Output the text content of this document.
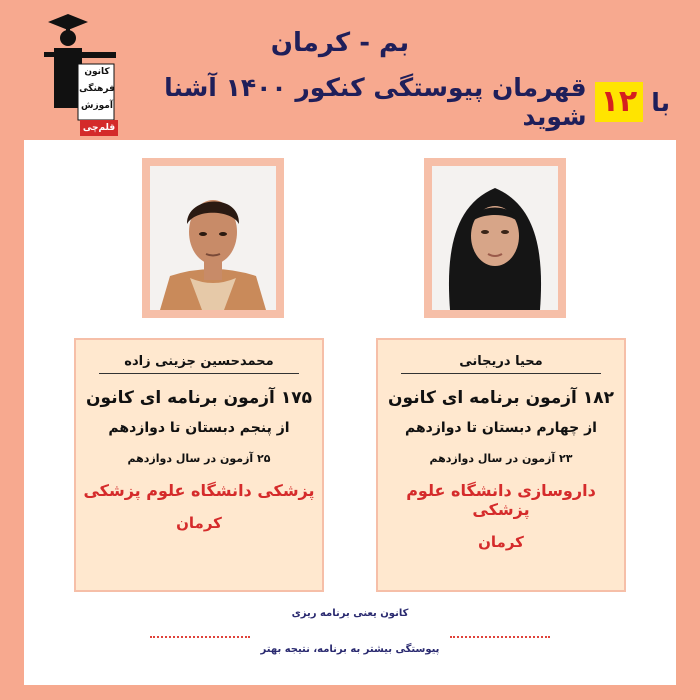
کانون
فرهنگی
آموزش
قلم‌چی
بم - کرمان
با
۱۲
قهرمان پیوستگی کنکور ۱۴۰۰ آشنا شوید
محیا دریجانی
۱۸۲ آزمون برنامه ای کانون
از چهارم دبستان تا دوازدهم
۲۳ آزمون در سال دوازدهم
داروسازی دانشگاه علوم پزشکی
کرمان
محمدحسین جزینی زاده
۱۷۵ آزمون برنامه ای کانون
از پنجم دبستان تا دوازدهم
۲۵ آزمون در سال دوازدهم
پزشکی دانشگاه علوم پزشکی
کرمان
کانون یعنی برنامه ریزی
پیوستگی بیشتر به برنامه، نتیجه بهتر
